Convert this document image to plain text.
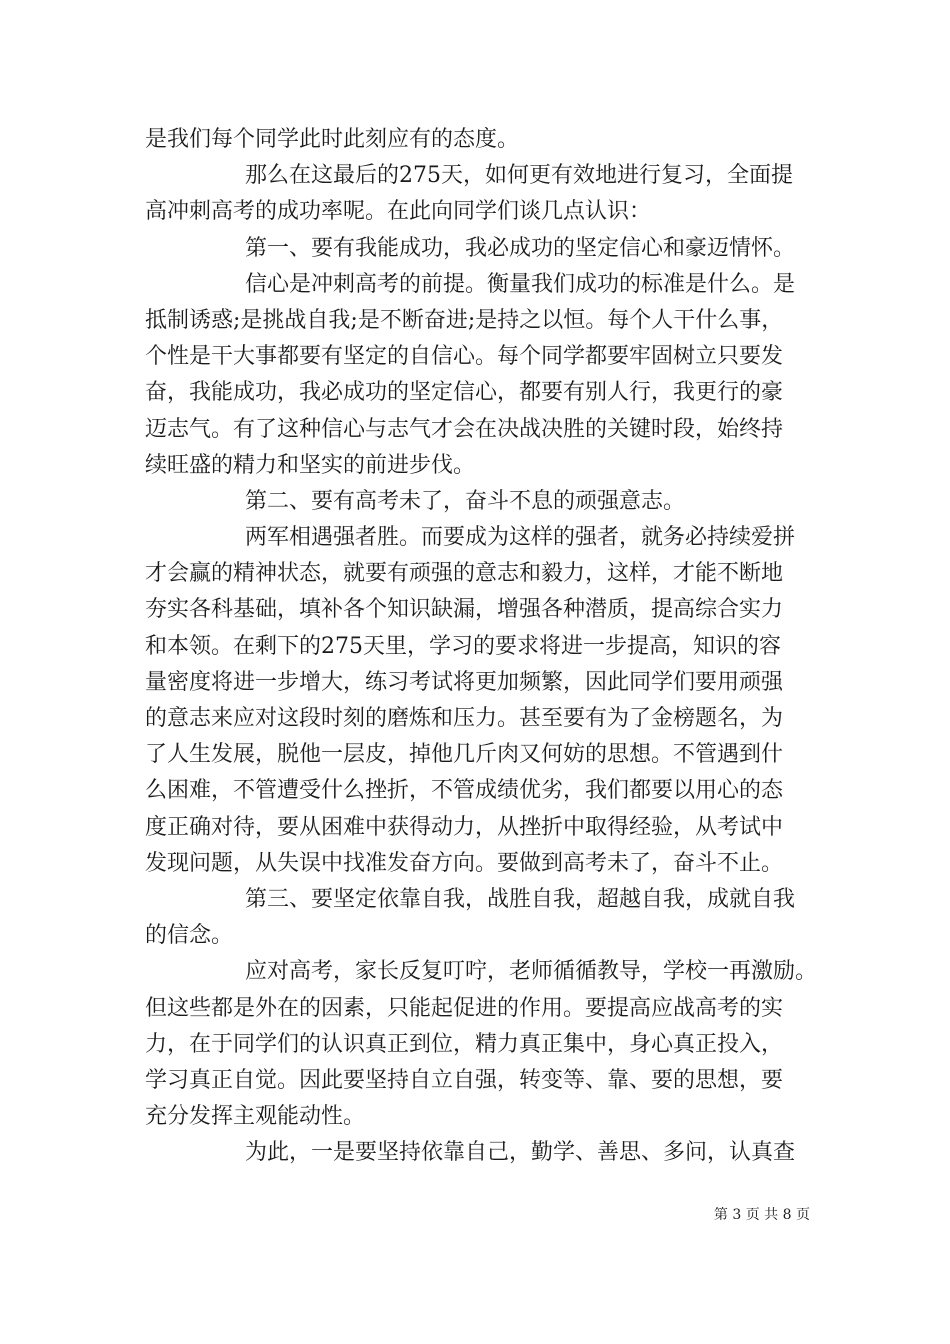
是我们每个同学此时此刻应有的态度。
那么在这最后的275天，如何更有效地进行复习，全面提
高冲刺高考的成功率呢。在此向同学们谈几点认识：
第一、要有我能成功，我必成功的坚定信心和豪迈情怀。
信心是冲刺高考的前提。衡量我们成功的标准是什么。是
抵制诱惑;是挑战自我;是不断奋进;是持之以恒。每个人干什么事，
个性是干大事都要有坚定的自信心。每个同学都要牢固树立只要发
奋，我能成功，我必成功的坚定信心，都要有别人行，我更行的豪
迈志气。有了这种信心与志气才会在决战决胜的关键时段，始终持
续旺盛的精力和坚实的前进步伐。
第二、要有高考未了，奋斗不息的顽强意志。
两军相遇强者胜。而要成为这样的强者，就务必持续爱拼
才会赢的精神状态，就要有顽强的意志和毅力，这样，才能不断地
夯实各科基础，填补各个知识缺漏，增强各种潜质，提高综合实力
和本领。在剩下的275天里，学习的要求将进一步提高，知识的容
量密度将进一步增大，练习考试将更加频繁，因此同学们要用顽强
的意志来应对这段时刻的磨炼和压力。甚至要有为了金榜题名，为
了人生发展，脱他一层皮，掉他几斤肉又何妨的思想。不管遇到什
么困难，不管遭受什么挫折，不管成绩优劣，我们都要以用心的态
度正确对待，要从困难中获得动力，从挫折中取得经验，从考试中
发现问题，从失误中找准发奋方向。要做到高考未了，奋斗不止。
第三、要坚定依靠自我，战胜自我，超越自我，成就自我
的信念。
应对高考，家长反复叮咛，老师循循教导，学校一再激励。
但这些都是外在的因素，只能起促进的作用。要提高应战高考的实
力，在于同学们的认识真正到位，精力真正集中，身心真正投入，
学习真正自觉。因此要坚持自立自强，转变等、靠、要的思想，要
充分发挥主观能动性。
为此，一是要坚持依靠自己，勤学、善思、多问，认真查
第 3 页 共 8 页
